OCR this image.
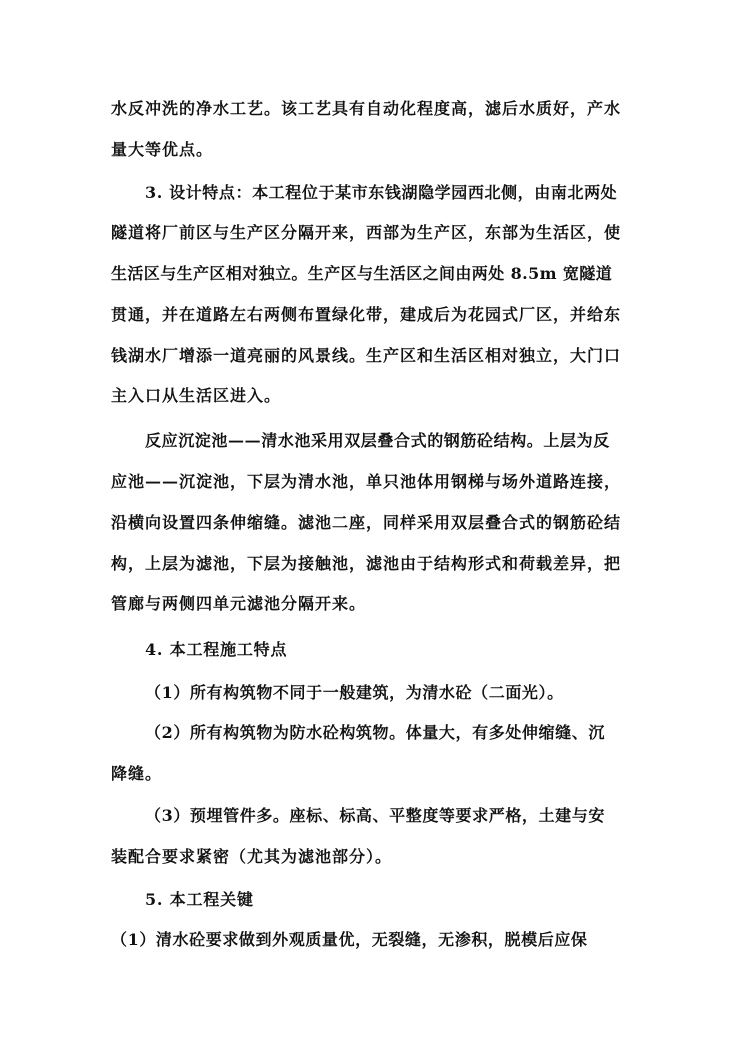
水反冲洗的净水工艺。该工艺具有自动化程度高，滤后水质好，产水
量大等优点。
3. 设计特点：本工程位于某市东钱湖隐学园西北侧，由南北两处
隧道将厂前区与生产区分隔开来，西部为生产区，东部为生活区，使
生活区与生产区相对独立。生产区与生活区之间由两处 8.5m 宽隧道
贯通，并在道路左右两侧布置绿化带，建成后为花园式厂区，并给东
钱湖水厂增添一道亮丽的风景线。生产区和生活区相对独立，大门口
主入口从生活区进入。
反应沉淀池——清水池采用双层叠合式的钢筋砼结构。上层为反
应池——沉淀池，下层为清水池，单只池体用钢梯与场外道路连接，
沿横向设置四条伸缩缝。滤池二座，同样采用双层叠合式的钢筋砼结
构，上层为滤池，下层为接触池，滤池由于结构形式和荷载差异，把
管廊与两侧四单元滤池分隔开来。
4. 本工程施工特点
（1）所有构筑物不同于一般建筑，为清水砼（二面光）。
（2）所有构筑物为防水砼构筑物。体量大，有多处伸缩缝、沉
降缝。
（3）预埋管件多。座标、标高、平整度等要求严格，土建与安
装配合要求紧密（尤其为滤池部分）。
5. 本工程关键
（1）清水砼要求做到外观质量优，无裂缝，无渗积，脱模后应保
